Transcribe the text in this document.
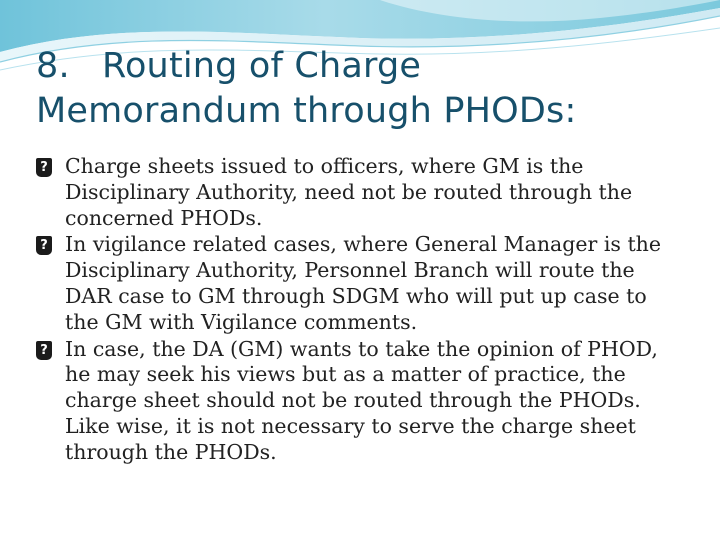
8. Routing of Charge
Memorandum through PHODs:
? Charge sheets issued to officers, where GM is the Disciplinary Authority, need not be routed through the concerned PHODs.
? In vigilance related cases, where General Manager is the Disciplinary Authority, Personnel Branch will route the DAR case to GM through SDGM who will put up case to the GM with Vigilance comments.
? In case, the DA (GM) wants to take the opinion of PHOD, he may seek his views but as a matter of practice, the charge sheet should not be routed through the PHODs. Like wise, it is not necessary to serve the charge sheet through the PHODs.
